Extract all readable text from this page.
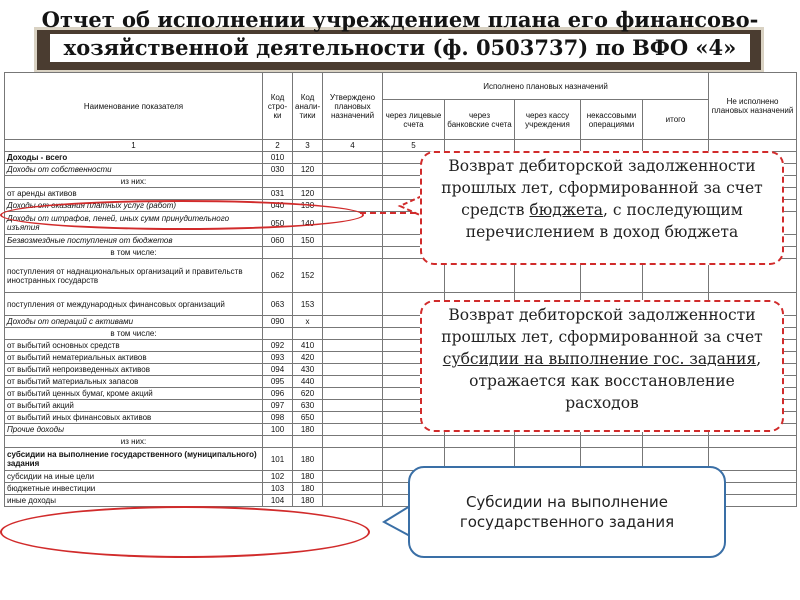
Отчет об исполнении учреждением плана его финансово-
хозяйственной деятельности (ф. 0503737) по ВФО «4»
Наименование показателя	Код стро-ки	Код анали-тики	Утверждено плановых назначений	Исполнено плановых назначений					Не исполнено плановых назначений
				через лицевые счета	через банковские счета	через кассу учреждения	некассовыми операциями	итого	
1	2	3	4	5					
Доходы - всего	010								
Доходы от собственности	030	120							
из них:									
от аренды активов	031	120							
Доходы от оказания платных услуг (работ)	040	130							
Доходы от штрафов, пеней, иных сумм принудительного изъятия	050	140							
Безвозмездные поступления от бюджетов	060	150							
в том числе:									
поступления от наднациональных организаций и правительств иностранных государств	062	152							
поступления от международных финансовых организаций	063	153							
Доходы от операций с активами	090	х							
в том числе:									
от выбытий основных средств	092	410							
от выбытий нематериальных активов	093	420							
от выбытий непроизведенных активов	094	430							
от выбытий материальных запасов	095	440							
от выбытий ценных бумаг, кроме акций	096	620							
от выбытий акций	097	630							
от выбытий иных финансовых активов	098	650							
Прочие доходы	100	180							
из них:									
субсидии на выполнение государственного (муниципального) задания	101	180							
субсидии на иные цели	102	180							
бюджетные инвестиции	103	180							
иные доходы	104	180							
Возврат дебиторской задолженности прошлых лет, сформированной за счет средств бюджета, с последующим перечислением в доход бюджета
Возврат дебиторской задолженности прошлых лет, сформированной за счет субсидии на выполнение гос. задания, отражается как восстановление расходов
Субсидии на выполнение государственного задания
